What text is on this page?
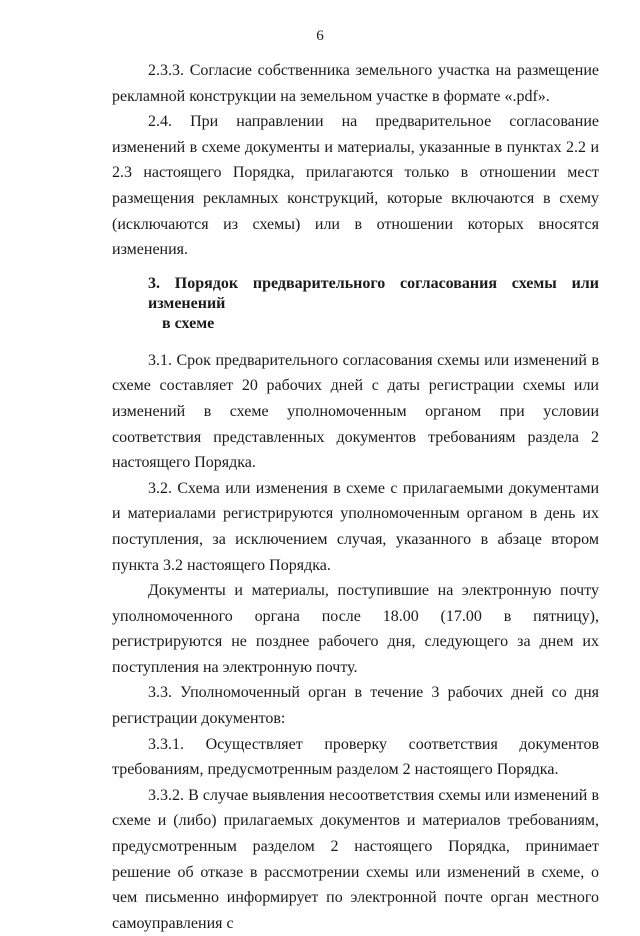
6

2.3.3. Согласие собственника земельного участка на размещение рекламной конструкции на земельном участке в формате «.pdf».

2.4. При направлении на предварительное согласование изменений в схеме документы и материалы, указанные в пунктах 2.2 и 2.3 настоящего Порядка, прилагаются только в отношении мест размещения рекламных конструкций, которые включаются в схему (исключаются из схемы) или в отношении которых вносятся изменения.

3. Порядок предварительного согласования схемы или изменений
в схеме

3.1. Срок предварительного согласования схемы или изменений в схеме составляет 20 рабочих дней с даты регистрации схемы или изменений в схеме уполномоченным органом при условии соответствия представленных документов требованиям раздела 2 настоящего Порядка.

3.2. Схема или изменения в схеме с прилагаемыми документами и материалами регистрируются уполномоченным органом в день их поступления, за исключением случая, указанного в абзаце втором пункта 3.2 настоящего Порядка.

Документы и материалы, поступившие на электронную почту уполномоченного органа после 18.00 (17.00 в пятницу), регистрируются не позднее рабочего дня, следующего за днем их поступления на электронную почту.

3.3. Уполномоченный орган в течение 3 рабочих дней со дня регистрации документов:

3.3.1. Осуществляет проверку соответствия документов требованиям, предусмотренным разделом 2 настоящего Порядка.

3.3.2. В случае выявления несоответствия схемы или изменений в схеме и (либо) прилагаемых документов и материалов требованиям, предусмотренным разделом 2 настоящего Порядка, принимает решение об отказе в рассмотрении схемы или изменений в схеме, о чем письменно информирует по электронной почте орган местного самоуправления с
